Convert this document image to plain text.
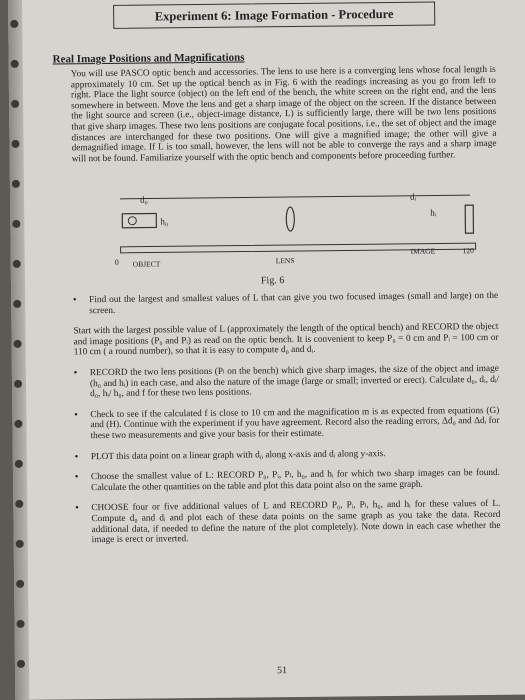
Experiment 6: Image Formation - Procedure
Real Image Positions and Magnifications
You will use PASCO optic bench and accessories. The lens to use here is a converging lens whose focal length is approximately 10 cm. Set up the optical bench as in Fig. 6 with the readings increasing as you go from left to right. Place the light source (object) on the left end of the bench, the white screen on the right end, and the lens somewhere in between. Move the lens and get a sharp image of the object on the screen. If the distance between the light source and screen (i.e., object-image distance, L) is sufficiently large, there will be two lens positions that give sharp images. These two lens positions are conjugate focal positions, i.e., the set of object and the image distances are interchanged for these two positions. One will give a magnified image; the other will give a demagnified image. If L is too small, however, the lens will not be able to converge the rays and a sharp image will not be found. Familiarize yourself with the optic bench and components before proceeding further.
d₀	dᵢ
h₀
hᵢ
0 OBJECT	LENS
IMAGE	120
Fig. 6
• Find out the largest and smallest values of L that can give you two focused images (small and large) on the screen.
Start with the largest possible value of L (approximately the length of the optical bench) and RECORD the object and image positions (P₀ and Pᵢ) as read on the optic bench. It is convenient to keep P₀ = 0 cm and Pᵢ = 100 cm or 110 cm ( a round number), so that it is easy to compute d₀ and dᵢ.
• RECORD the two lens positions (Pₗ on the bench) which give sharp images, the size of the object and image (h₀ and hᵢ) in each case, and also the nature of the image (large or small; inverted or erect). Calculate d₀, dᵢ, dᵢ/ d₀, hᵢ/ h₀, and f for these two lens positions.
• Check to see if the calculated f is close to 10 cm and the magnification m is as expected from equations (G) and (H). Continue with the experiment if you have agreement. Record also the reading errors, Δd₀ and Δdᵢ for these two measurements and give your basis for their estimate.
• PLOT this data point on a linear graph with d₀ along x-axis and dᵢ along y-axis.
• Choose the smallest value of L: RECORD P₀, Pᵢ, Pₗ, h₀, and hᵢ for which two sharp images can be found. Calculate the other quantities on the table and plot this data point also on the same graph.
• CHOOSE four or five additional values of L and RECORD P₀, Pᵢ, Pₗ, h₀, and hᵢ for these values of L. Compute d₀ and dᵢ and plot each of these data points on the same graph as you take the data. Record additional data, if needed to define the nature of the plot completely). Note down in each case whether the image is erect or inverted.
51
